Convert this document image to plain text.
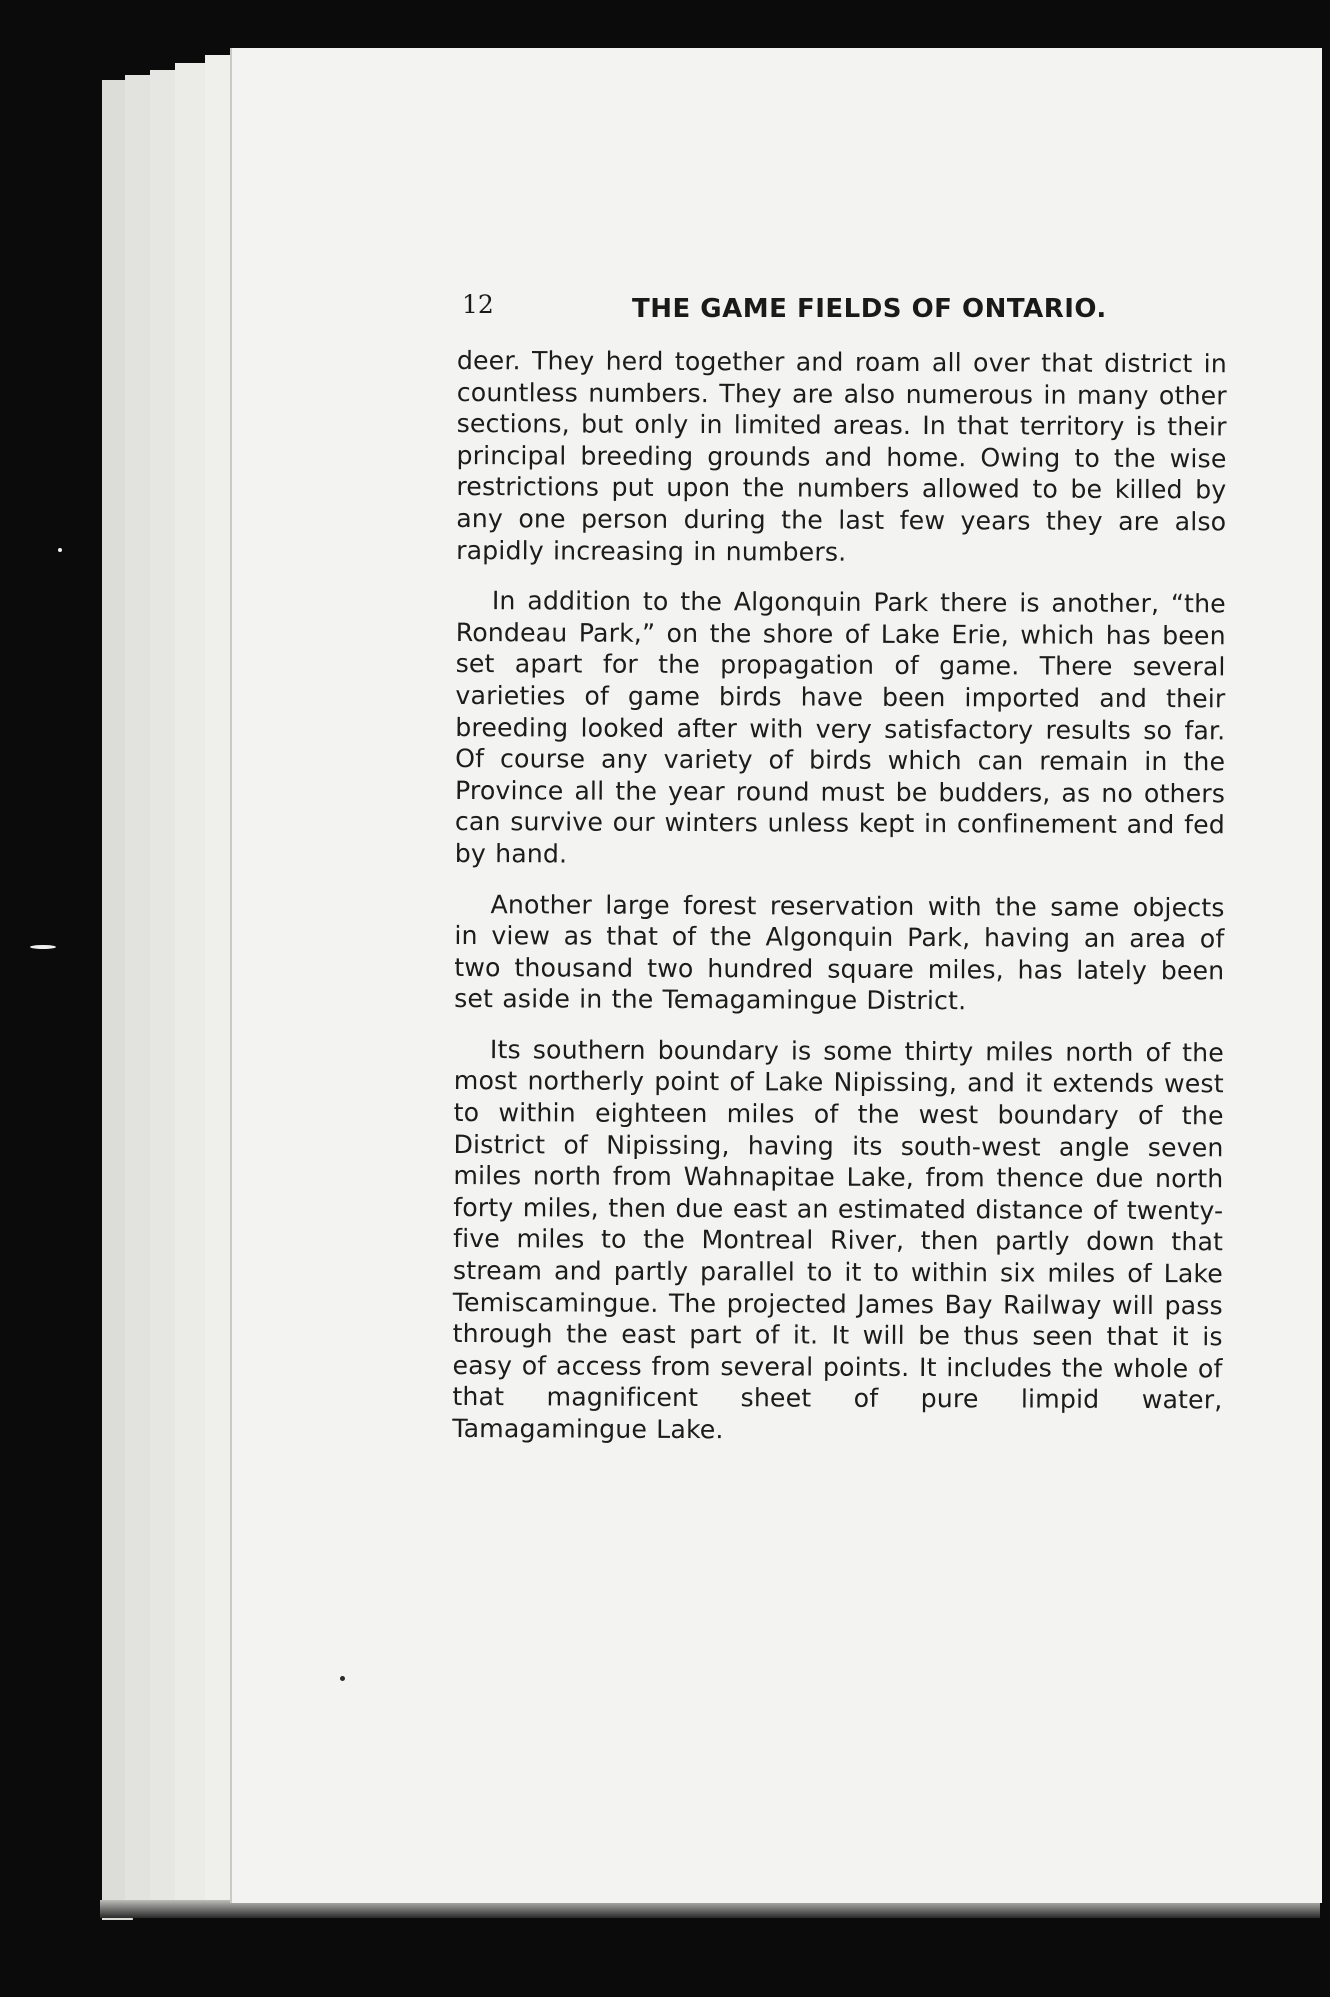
12	THE GAME FIELDS OF ONTARIO.

deer. They herd together and roam all over that district in countless numbers. They are also numerous in many other sections, but only in limited areas. In that territory is their principal breeding grounds and home. Owing to the wise restrictions put upon the numbers allowed to be killed by any one person during the last few years they are also rapidly increasing in numbers.

In addition to the Algonquin Park there is another, “the Rondeau Park,” on the shore of Lake Erie, which has been set apart for the propagation of game. There several varieties of game birds have been imported and their breeding looked after with very satisfactory results so far. Of course any variety of birds which can remain in the Province all the year round must be budders, as no others can survive our winters unless kept in confinement and fed by hand.

Another large forest reservation with the same objects in view as that of the Algonquin Park, having an area of two thousand two hundred square miles, has lately been set aside in the Temagamingue District.

Its southern boundary is some thirty miles north of the most northerly point of Lake Nipissing, and it extends west to within eighteen miles of the west boundary of the District of Nipissing, having its south-west angle seven miles north from Wahnapitae Lake, from thence due north forty miles, then due east an estimated distance of twenty-five miles to the Montreal River, then partly down that stream and partly parallel to it to within six miles of Lake Temiscamingue. The projected James Bay Railway will pass through the east part of it. It will be thus seen that it is easy of access from several points. It includes the whole of that magnificent sheet of pure limpid water, Tamagamingue Lake.
